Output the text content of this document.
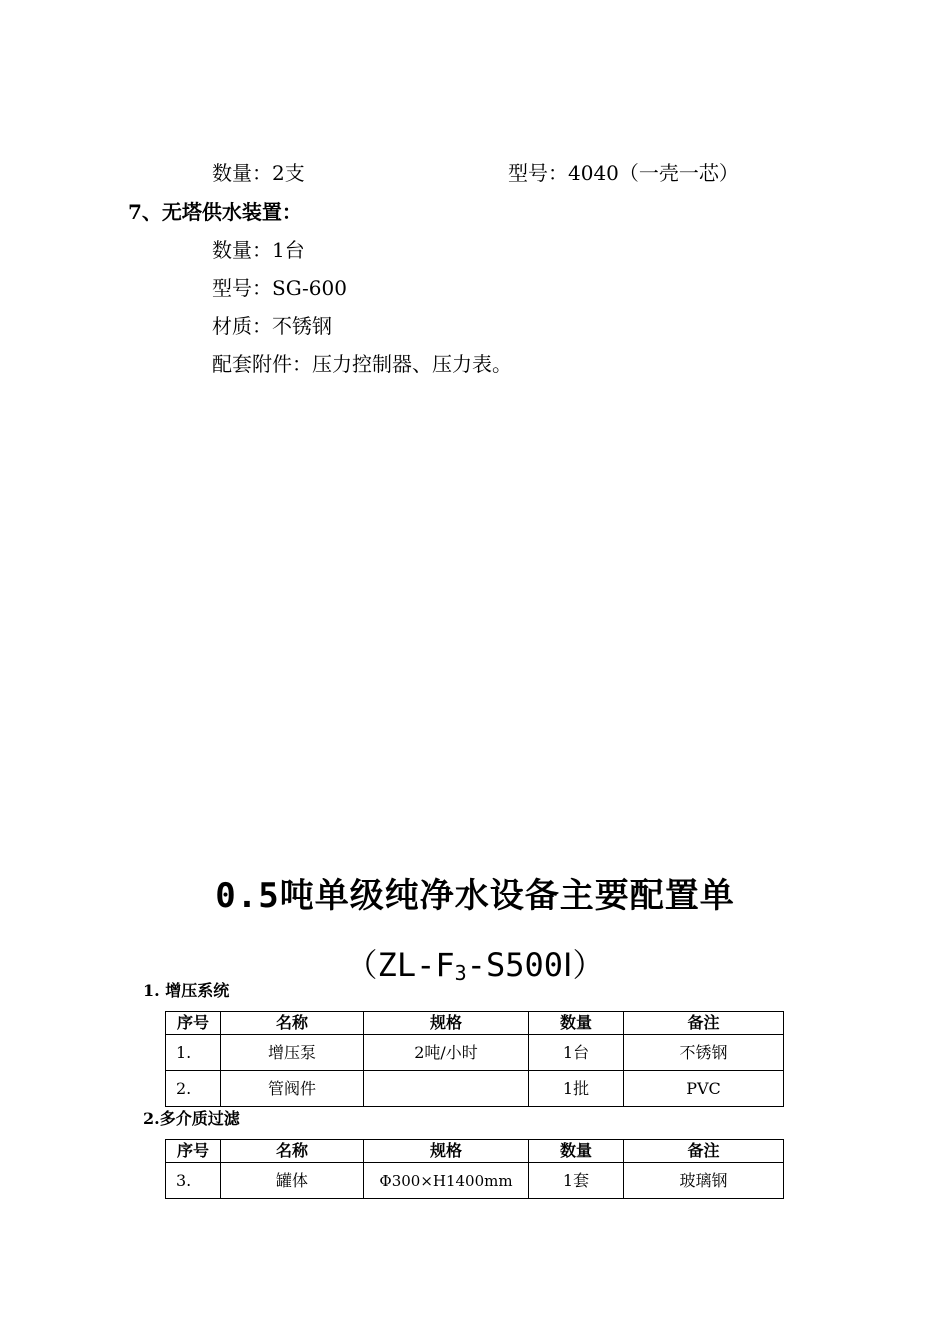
数量：2支	型号：4040（一壳一芯）
7、无塔供水装置：
数量：1台
型号：SG-600
材质：不锈钢
配套附件：压力控制器、压力表。
0.5吨单级纯净水设备主要配置单
$(ZL-F_3-S500Ⅰ)$
1. 增压系统
序号	名称	规格	数量	备注
1.	增压泵	2吨/小时	1台	不锈钢
2.	管阀件		1批	PVC
2.多介质过滤
序号	名称	规格	数量	备注
3.	罐体	Φ300×H1400mm	1套	玻璃钢
